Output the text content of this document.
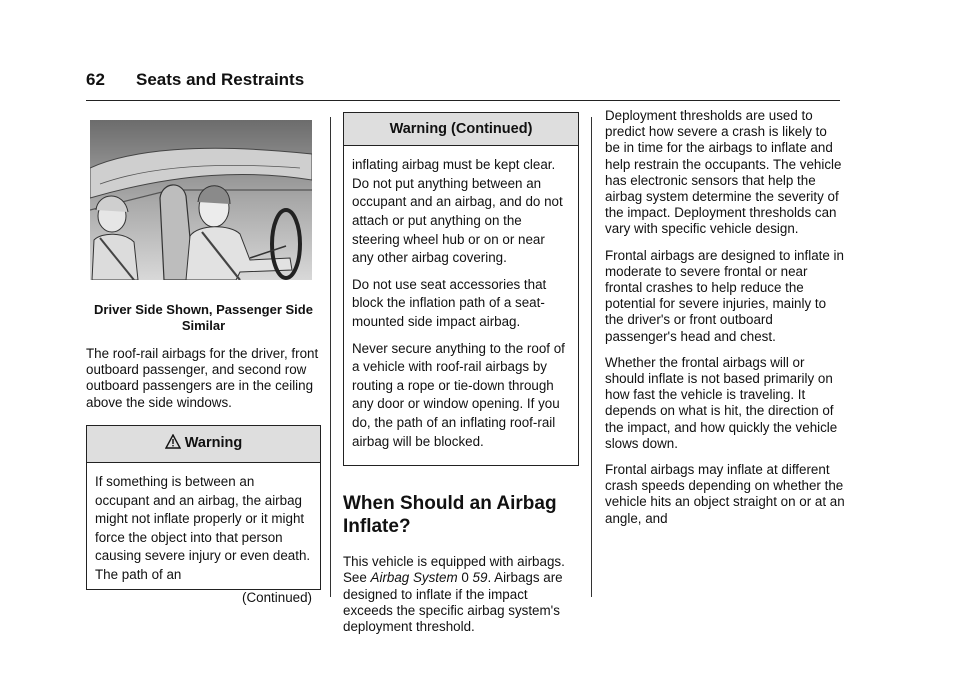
62 Seats and Restraints
Driver Side Shown, Passenger Side Similar

The roof-rail airbags for the driver, front outboard passenger, and second row outboard passengers are in the ceiling above the side windows.

Warning

If something is between an occupant and an airbag, the airbag might not inflate properly or it might force the object into that person causing severe injury or even death. The path of an

(Continued)
Warning (Continued)

inflating airbag must be kept clear. Do not put anything between an occupant and an airbag, and do not attach or put anything on the steering wheel hub or on or near any other airbag covering.

Do not use seat accessories that block the inflation path of a seat-mounted side impact airbag.

Never secure anything to the roof of a vehicle with roof-rail airbags by routing a rope or tie-down through any door or window opening. If you do, the path of an inflating roof-rail airbag will be blocked.

When Should an Airbag Inflate?

This vehicle is equipped with airbags. See Airbag System 0 59. Airbags are designed to inflate if the impact exceeds the specific airbag system's deployment threshold.

Deployment thresholds are used to predict how severe a crash is likely to be in time for the airbags to inflate and help restrain the occupants. The vehicle has electronic sensors that help the airbag system determine the severity of the impact. Deployment thresholds can vary with specific vehicle design.

Frontal airbags are designed to inflate in moderate to severe frontal or near frontal crashes to help reduce the potential for severe injuries, mainly to the driver's or front outboard passenger's head and chest.

Whether the frontal airbags will or should inflate is not based primarily on how fast the vehicle is traveling. It depends on what is hit, the direction of the impact, and how quickly the vehicle slows down.

Frontal airbags may inflate at different crash speeds depending on whether the vehicle hits an object straight on or at an angle, and
